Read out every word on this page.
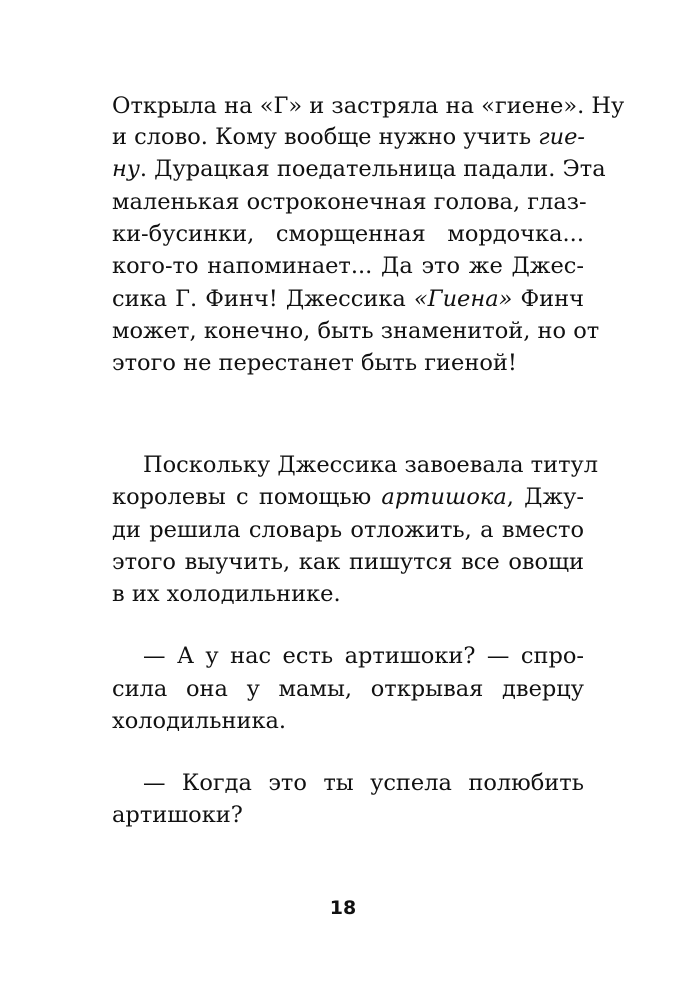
Открыла на «Г» и застряла на «гиене». Ну
и слово. Кому вообще нужно учить гие-
ну. Дурацкая поедательница падали. Эта
маленькая остроконечная голова, глаз-
ки-бусинки, сморщенная мордочка...
кого-то напоминает... Да это же Джес-
сика Г. Финч! Джессика «Гиена» Финч
может, конечно, быть знаменитой, но от
этого не перестанет быть гиеной!
Поскольку Джессика завоевала титул
королевы с помощью артишока, Джу-
ди решила словарь отложить, а вместо
этого выучить, как пишутся все овощи
в их холодильнике.
— А у нас есть артишоки? — спро-
сила она у мамы, открывая дверцу
холодильника.
— Когда это ты успела полюбить
артишоки?
18
